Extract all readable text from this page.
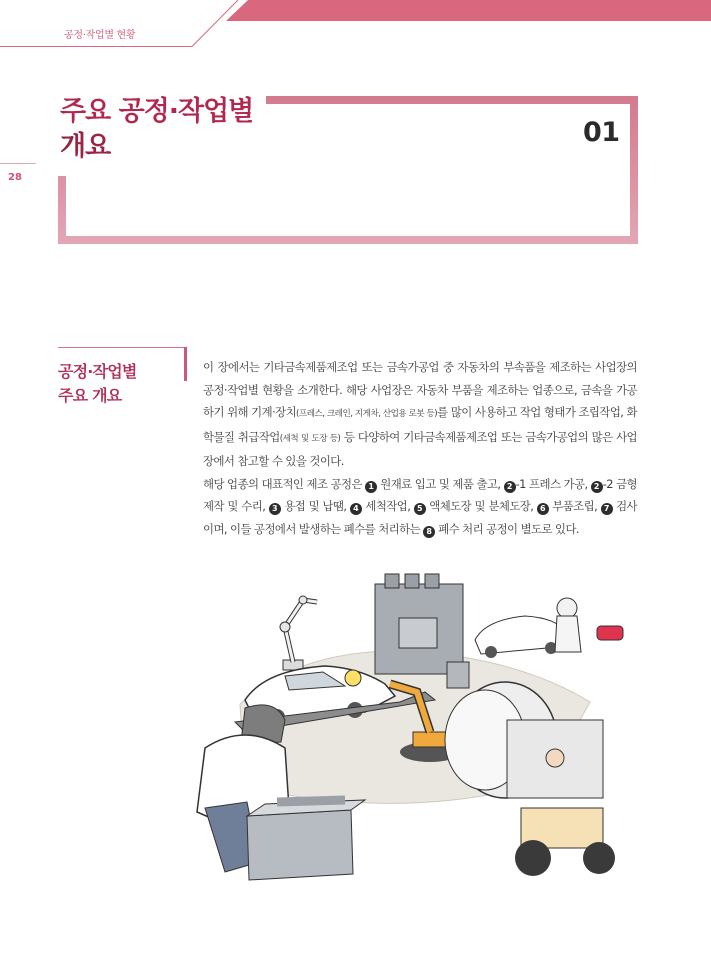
공정·작업별 현황
28
주요 공정·작업별
개요	01
공정·작업별
주요 개요

이 장에서는 기타금속제품제조업 또는 금속가공업 중 자동차의 부속품을 제조하는 사업장의 공정·작업별 현황을 소개한다. 해당 사업장은 자동차 부품을 제조하는 업종으로, 금속을 가공하기 위해 기계·장치(프레스, 크레인, 지게차, 산업용 로봇 등)를 많이 사용하고 작업 형태가 조립작업, 화학물질 취급작업(세척 및 도장 등) 등 다양하여 기타금속제품제조업 또는 금속가공업의 많은 사업장에서 참고할 수 있을 것이다.

해당 업종의 대표적인 제조 공정은 1 원재료 입고 및 제품 출고, 2 -1 프레스 가공, 2 -2 금형 제작 및 수리, 3 용접 및 납땜, 4 세척작업, 5 액체도장 및 분체도장, 6 부품조립, 7 검사이며, 이들 공정에서 발생하는 폐수를 처리하는 8 폐수 처리 공정이 별도로 있다.
